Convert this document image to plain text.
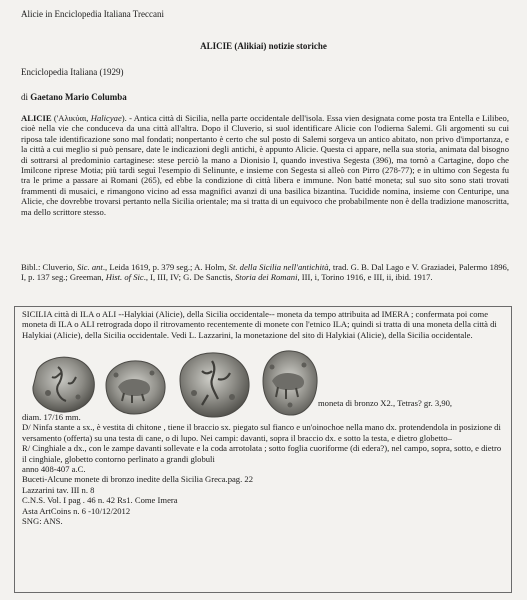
Alicie in Enciclopedia Italiana Treccani

ALICIE (Alikiai) notizie storiche

Enciclopedia Italiana (1929)

di Gaetano Mario Columba

ALICIE ('Αλικύαι, Halicyae). - Antica città di Sicilia, nella parte occidentale dell'isola. Essa vien designata come posta tra Entella e Lilibeo, cioè nella vie che conduceva da una città all'altra. Dopo il Cluverio, si suol identificare Alicie con l'odierna Salemi. Gli argomenti su cui riposa tale identificazione sono mal fondati; nonpertanto è certo che sul posto di Salemi sorgeva un antico abitato, non privo d'importanza, e la città a cui meglio si può pensare, date le indicazioni degli antichi, è appunto Alicie. Questa ci appare, nella sua storia, animata dal bisogno di sottrarsi al predominio cartaginese: stese perciò la mano a Dionisio I, quando investiva Segesta (396), ma tornò a Cartagine, dopo che Imilcone riprese Motia; più tardi seguì l'esempio di Selinunte, e insieme con Segesta si alleò con Pirro (278-77); e in ultimo con Segesta fu tra le prime a passare ai Romani (265), ed ebbe la condizione di città libera e immune. Non batté moneta; sul suo sito sono stati trovati frammenti di musaici, e rimangono vicino ad essa magnifici avanzi di una basilica bizantina. Tucidide nomina, insieme con Centuripe, una Alicie, che dovrebbe trovarsi pertanto nella Sicilia orientale; ma si tratta di un equivoco che probabilmente non è della tradizione manoscritta, ma dello scrittore stesso.

Bibl.: Cluverio, Sic. ant., Leida 1619, p. 379 seg.; A. Holm, St. della Sicilia nell'antichità, trad. G. B. Dal Lago e V. Graziadei, Palermo 1896, I, p. 137 seg.; Greeman, Hist. of Sic., I, III, IV; G. De Sanctis, Storia dei Romani, III, i, Torino 1916, e III, ii, ibid. 1917.

SICILIA città di ILA o ALI --Halykiai (Alicie), della Sicilia occidentale-- moneta da tempo attribuita ad IMERA ; confermata poi come moneta di ILA o ALI retrograda dopo il ritrovamento recentemente di monete con l'etnico ILA; quindi si tratta di una moneta della città di Halykiai (Alicie), della Sicilia occidentale. Vedi L. Lazzarini, la monetazione del sito di Halykiai (Alicie), della Sicilia occidentale.

moneta di bronzo X2., Tetras? gr. 3,90,

diam. 17/16 mm.

D/ Ninfa stante a sx., è vestita di chitone , tiene il braccio sx. piegato sul fianco e un'oinochoe nella mano dx. protendendola in posizione di versamento (offerta) su una testa di cane, o di lupo. Nei campi: davanti, sopra il braccio dx. e sotto la testa, e dietro globetto–

R/ Cinghiale a dx., con le zampe davanti sollevate e la coda arrotolata ; sotto foglia cuoriforme (di edera?), nel campo, sopra, sotto, e dietro il cinghiale, globetto contorno perlinato a grandi globuli

anno 408-407 a.C.

Buceti-Alcune monete di bronzo inedite della Sicilia Greca.pag. 22

Lazzarini tav. III n. 8

C.N.S. Vol. I pag . 46 n. 42 Rs1. Come Imera

Asta ArtCoins n. 6 -10/12/2012

SNG: ANS.
